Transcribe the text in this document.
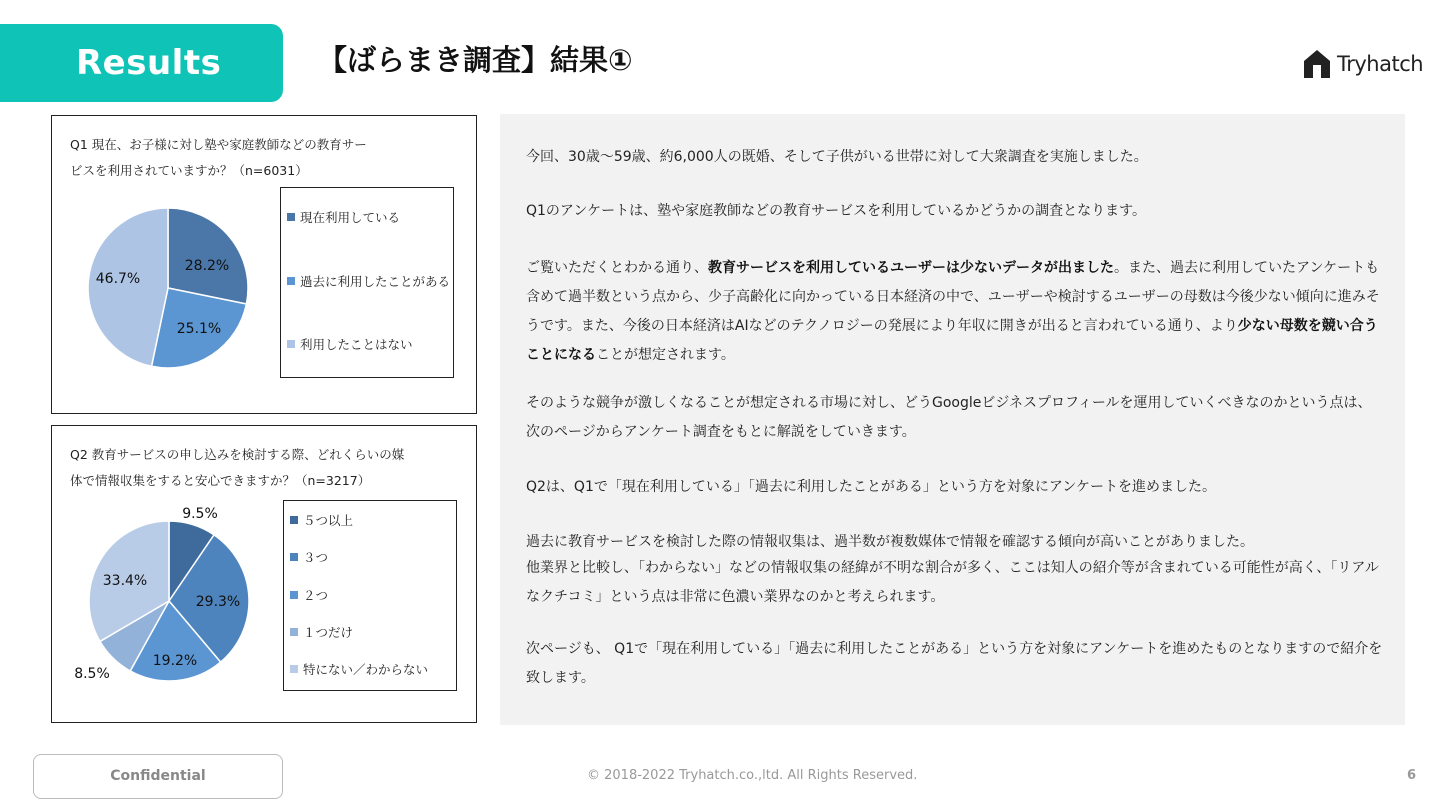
Results	【ばらまき調査】結果①	Tryhatch
Q1 現在、お子様に対し塾や家庭教師などの教育サー
ビスを利用されていますか？（n=6031）
28.2%
25.1%
46.7%
現在利用している
過去に利用したことがある
利用したことはない
Q2 教育サービスの申し込みを検討する際、どれくらいの媒
体で情報収集をすると安心できますか？（n=3217）
9.5%
29.3%
19.2%
8.5%
33.4%
５つ以上
３つ
２つ
１つだけ
特にない／わからない

今回、30歳〜59歳、約6,000人の既婚、そして子供がいる世帯に対して大衆調査を実施しました。

Q1のアンケートは、塾や家庭教師などの教育サービスを利用しているかどうかの調査となります。

ご覧いただくとわかる通り、教育サービスを利用しているユーザーは少ないデータが出ました。また、過去に利用していたアンケートも含めて過半数という点から、少子高齢化に向かっている日本経済の中で、ユーザーや検討するユーザーの母数は今後少ない傾向に進みそうです。また、今後の日本経済はAIなどのテクノロジーの発展により年収に開きが出ると言われている通り、より少ない母数を競い合うことになることが想定されます。

そのような競争が激しくなることが想定される市場に対し、どうGoogleビジネスプロフィールを運用していくべきなのかという点は、次のページからアンケート調査をもとに解説をしていきます。

Q2は、Q1で「現在利用している」「過去に利用したことがある」という方を対象にアンケートを進めました。

過去に教育サービスを検討した際の情報収集は、過半数が複数媒体で情報を確認する傾向が高いことがありました。

他業界と比較し、「わからない」などの情報収集の経緯が不明な割合が多く、ここは知人の紹介等が含まれている可能性が高く、「リアルなクチコミ」という点は非常に色濃い業界なのかと考えられます。

次ページも、 Q1で「現在利用している」「過去に利用したことがある」という方を対象にアンケートを進めたものとなりますので紹介を致します。

Confidential	© 2018-2022 Tryhatch.co.,ltd. All Rights Reserved.	6
